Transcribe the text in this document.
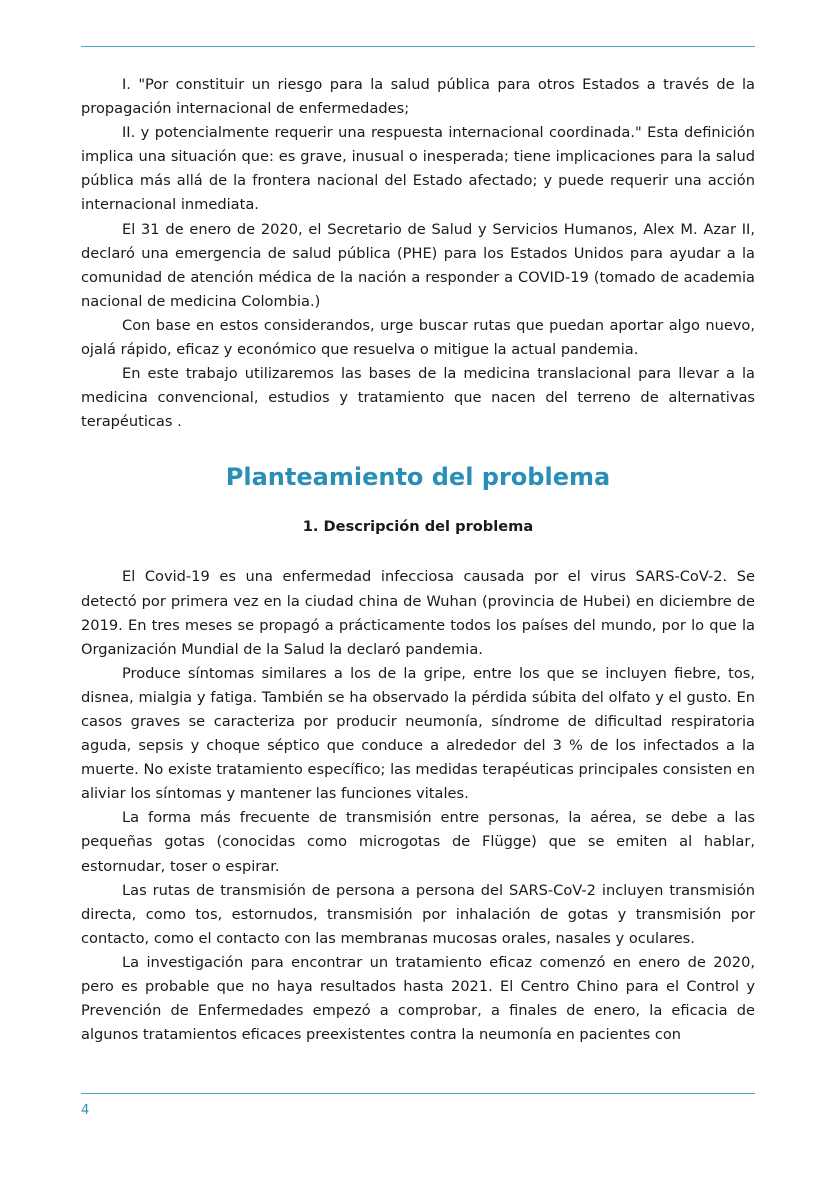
I. "Por constituir un riesgo para la salud pública para otros Estados a través de la propagación internacional de enfermedades;

II. y potencialmente requerir una respuesta internacional coordinada." Esta definición implica una situación que: es grave, inusual o inesperada; tiene implicaciones para la salud pública más allá de la frontera nacional del Estado afectado; y puede requerir una acción internacional inmediata.

El 31 de enero de 2020, el Secretario de Salud y Servicios Humanos, Alex M. Azar II, declaró una emergencia de salud pública (PHE) para los Estados Unidos para ayudar a la comunidad de atención médica de la nación a responder a COVID-19 (tomado de academia nacional de medicina Colombia.)

Con base en estos considerandos, urge buscar rutas que puedan aportar algo nuevo, ojalá rápido, eficaz y económico que resuelva o mitigue la actual pandemia.

En este trabajo utilizaremos las bases de la medicina translacional para llevar a la medicina convencional, estudios y tratamiento que nacen del terreno de alternativas terapéuticas .

Planteamiento del problema
1. Descripción del problema

El Covid-19 es una enfermedad infecciosa causada por el virus SARS-CoV-2. Se detectó por primera vez en la ciudad china de Wuhan (provincia de Hubei) en diciembre de 2019. En tres meses se propagó a prácticamente todos los países del mundo, por lo que la Organización Mundial de la Salud la declaró pandemia.

Produce síntomas similares a los de la gripe, entre los que se incluyen fiebre, tos, disnea, mialgia y fatiga. También se ha observado la pérdida súbita del olfato y el gusto. En casos graves se caracteriza por producir neumonía, síndrome de dificultad respiratoria aguda, sepsis y choque séptico que conduce a alrededor del 3 % de los infectados a la muerte. No existe tratamiento específico; las medidas terapéuticas principales consisten en aliviar los síntomas y mantener las funciones vitales.

La forma más frecuente de transmisión entre personas, la aérea, se debe a las pequeñas gotas (conocidas como microgotas de Flügge) que se emiten al hablar, estornudar, toser o espirar.

Las rutas de transmisión de persona a persona del SARS-CoV-2 incluyen transmisión directa, como tos, estornudos, transmisión por inhalación de gotas y transmisión por contacto, como el contacto con las membranas mucosas orales, nasales y oculares.

La investigación para encontrar un tratamiento eficaz comenzó en enero de 2020, pero es probable que no haya resultados hasta 2021. El Centro Chino para el Control y Prevención de Enfermedades empezó a comprobar, a finales de enero, la eficacia de algunos tratamientos eficaces preexistentes contra la neumonía en pacientes con

4
